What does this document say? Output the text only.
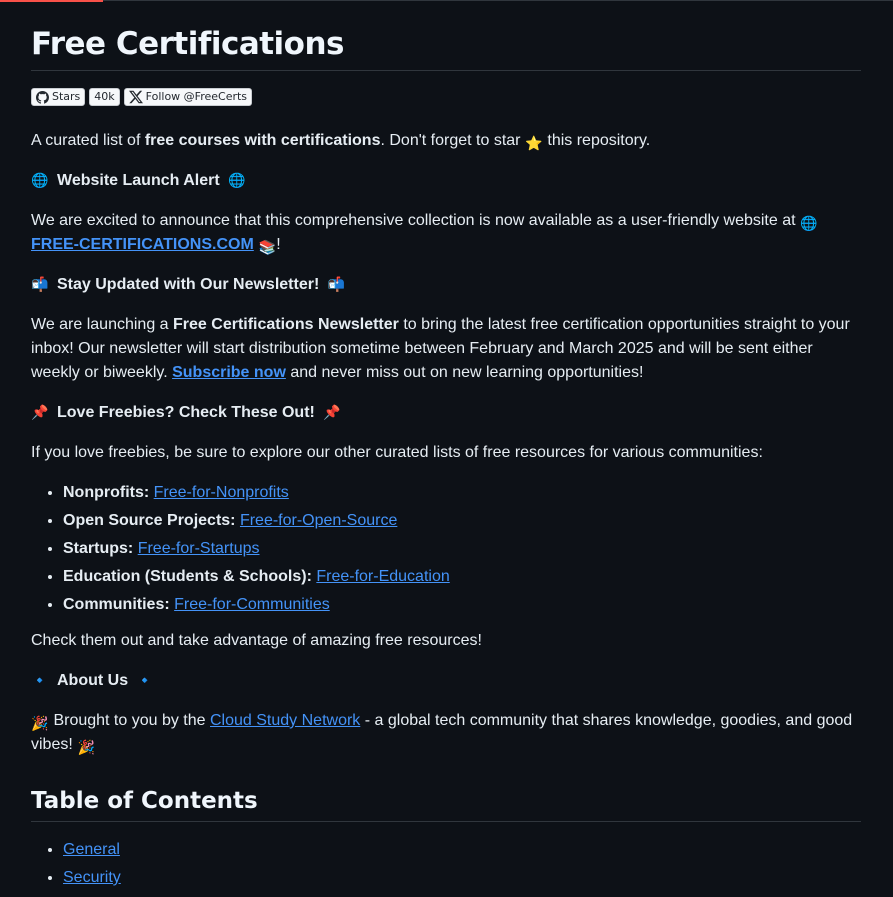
Free Certifications
Stars 40k	Follow @FreeCerts

A curated list of free courses with certifications. Don't forget to star ⭐ this repository.

🌐 Website Launch Alert 🌐

We are excited to announce that this comprehensive collection is now available as a user-friendly website at 🌐
FREE-CERTIFICATIONS.COM 📚!

📬 Stay Updated with Our Newsletter! 📬

We are launching a Free Certifications Newsletter to bring the latest free certification opportunities straight to your inbox! Our newsletter will start distribution sometime between February and March 2025 and will be sent either weekly or biweekly. Subscribe now and never miss out on new learning opportunities!

📌 Love Freebies? Check These Out! 📌

If you love freebies, be sure to explore our other curated lists of free resources for various communities:

• Nonprofits: Free-for-Nonprofits
• Open Source Projects: Free-for-Open-Source
• Startups: Free-for-Startups
• Education (Students & Schools): Free-for-Education
• Communities: Free-for-Communities

Check them out and take advantage of amazing free resources!

🔹 About Us 🔹

🎉 Brought to you by the Cloud Study Network - a global tech community that shares knowledge, goodies, and good vibes! 🎉

Table of Contents
• General
• Security
